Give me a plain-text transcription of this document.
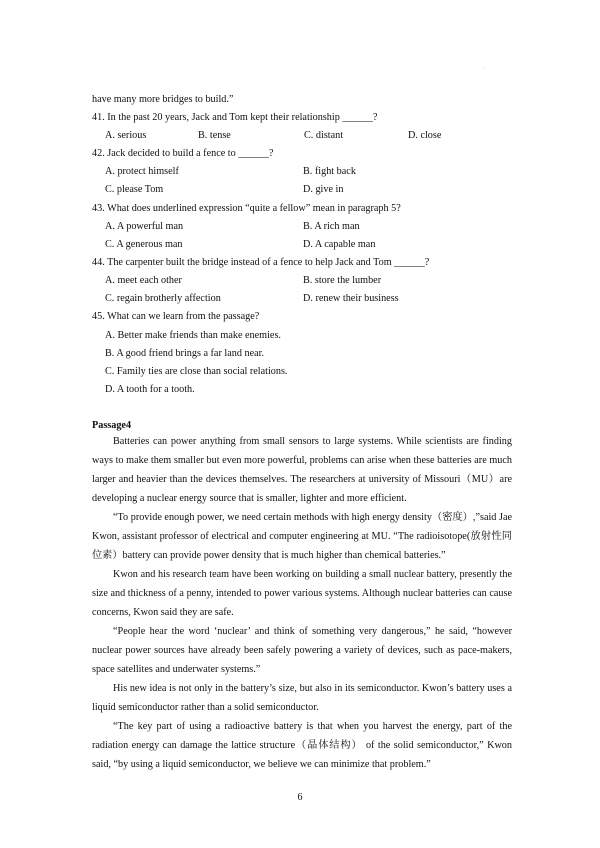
.
have many more bridges to build.”
41. In the past 20 years, Jack and Tom kept their relationship ______?
A. serious	B. tense	C. distant	D. close
42. Jack decided to build a fence to ______?
A. protect himself	B. fight back
C. please Tom	D. give in
43. What does underlined expression “quite a fellow” mean in paragraph 5?
A. A powerful man	B. A rich man
C. A generous man	D. A capable man
44. The carpenter built the bridge instead of a fence to help Jack and Tom ______?
A. meet each other	B. store the lumber
C. regain brotherly affection	D. renew their business
45. What can we learn from the passage?
A. Better make friends than make enemies.
B. A good friend brings a far land near.
C. Family ties are close than social relations.
D. A tooth for a tooth.
Passage4
Batteries can power anything from small sensors to large systems. While scientists are finding ways to make them smaller but even more powerful, problems can arise when these batteries are much larger and heavier than the devices themselves. The researchers at university of Missouri（MU）are developing a nuclear energy source that is smaller, lighter and more efficient.
“To provide enough power, we need certain methods with high energy density（密度）,”said Jae Kwon, assistant professor of electrical and computer engineering at MU. “The radioisotope(放射性同位素）battery can provide power density that is much higher than chemical batteries.”
Kwon and his research team have been working on building a small nuclear battery, presently the size and thickness of a penny, intended to power various systems. Although nuclear batteries can cause concerns, Kwon said they are safe.
“People hear the word ‘nuclear’ and think of something very dangerous,” he said, “however nuclear power sources have already been safely powering a variety of devices, such as pace-makers, space satellites and underwater systems.”
His new idea is not only in the battery’s size, but also in its semiconductor. Kwon’s battery uses a liquid semiconductor rather than a solid semiconductor.
“The key part of using a radioactive battery is that when you harvest the energy, part of the radiation energy can damage the lattice structure（晶体结构） of the solid semiconductor,” Kwon said, “by using a liquid semiconductor, we believe we can minimize that problem.”
6
